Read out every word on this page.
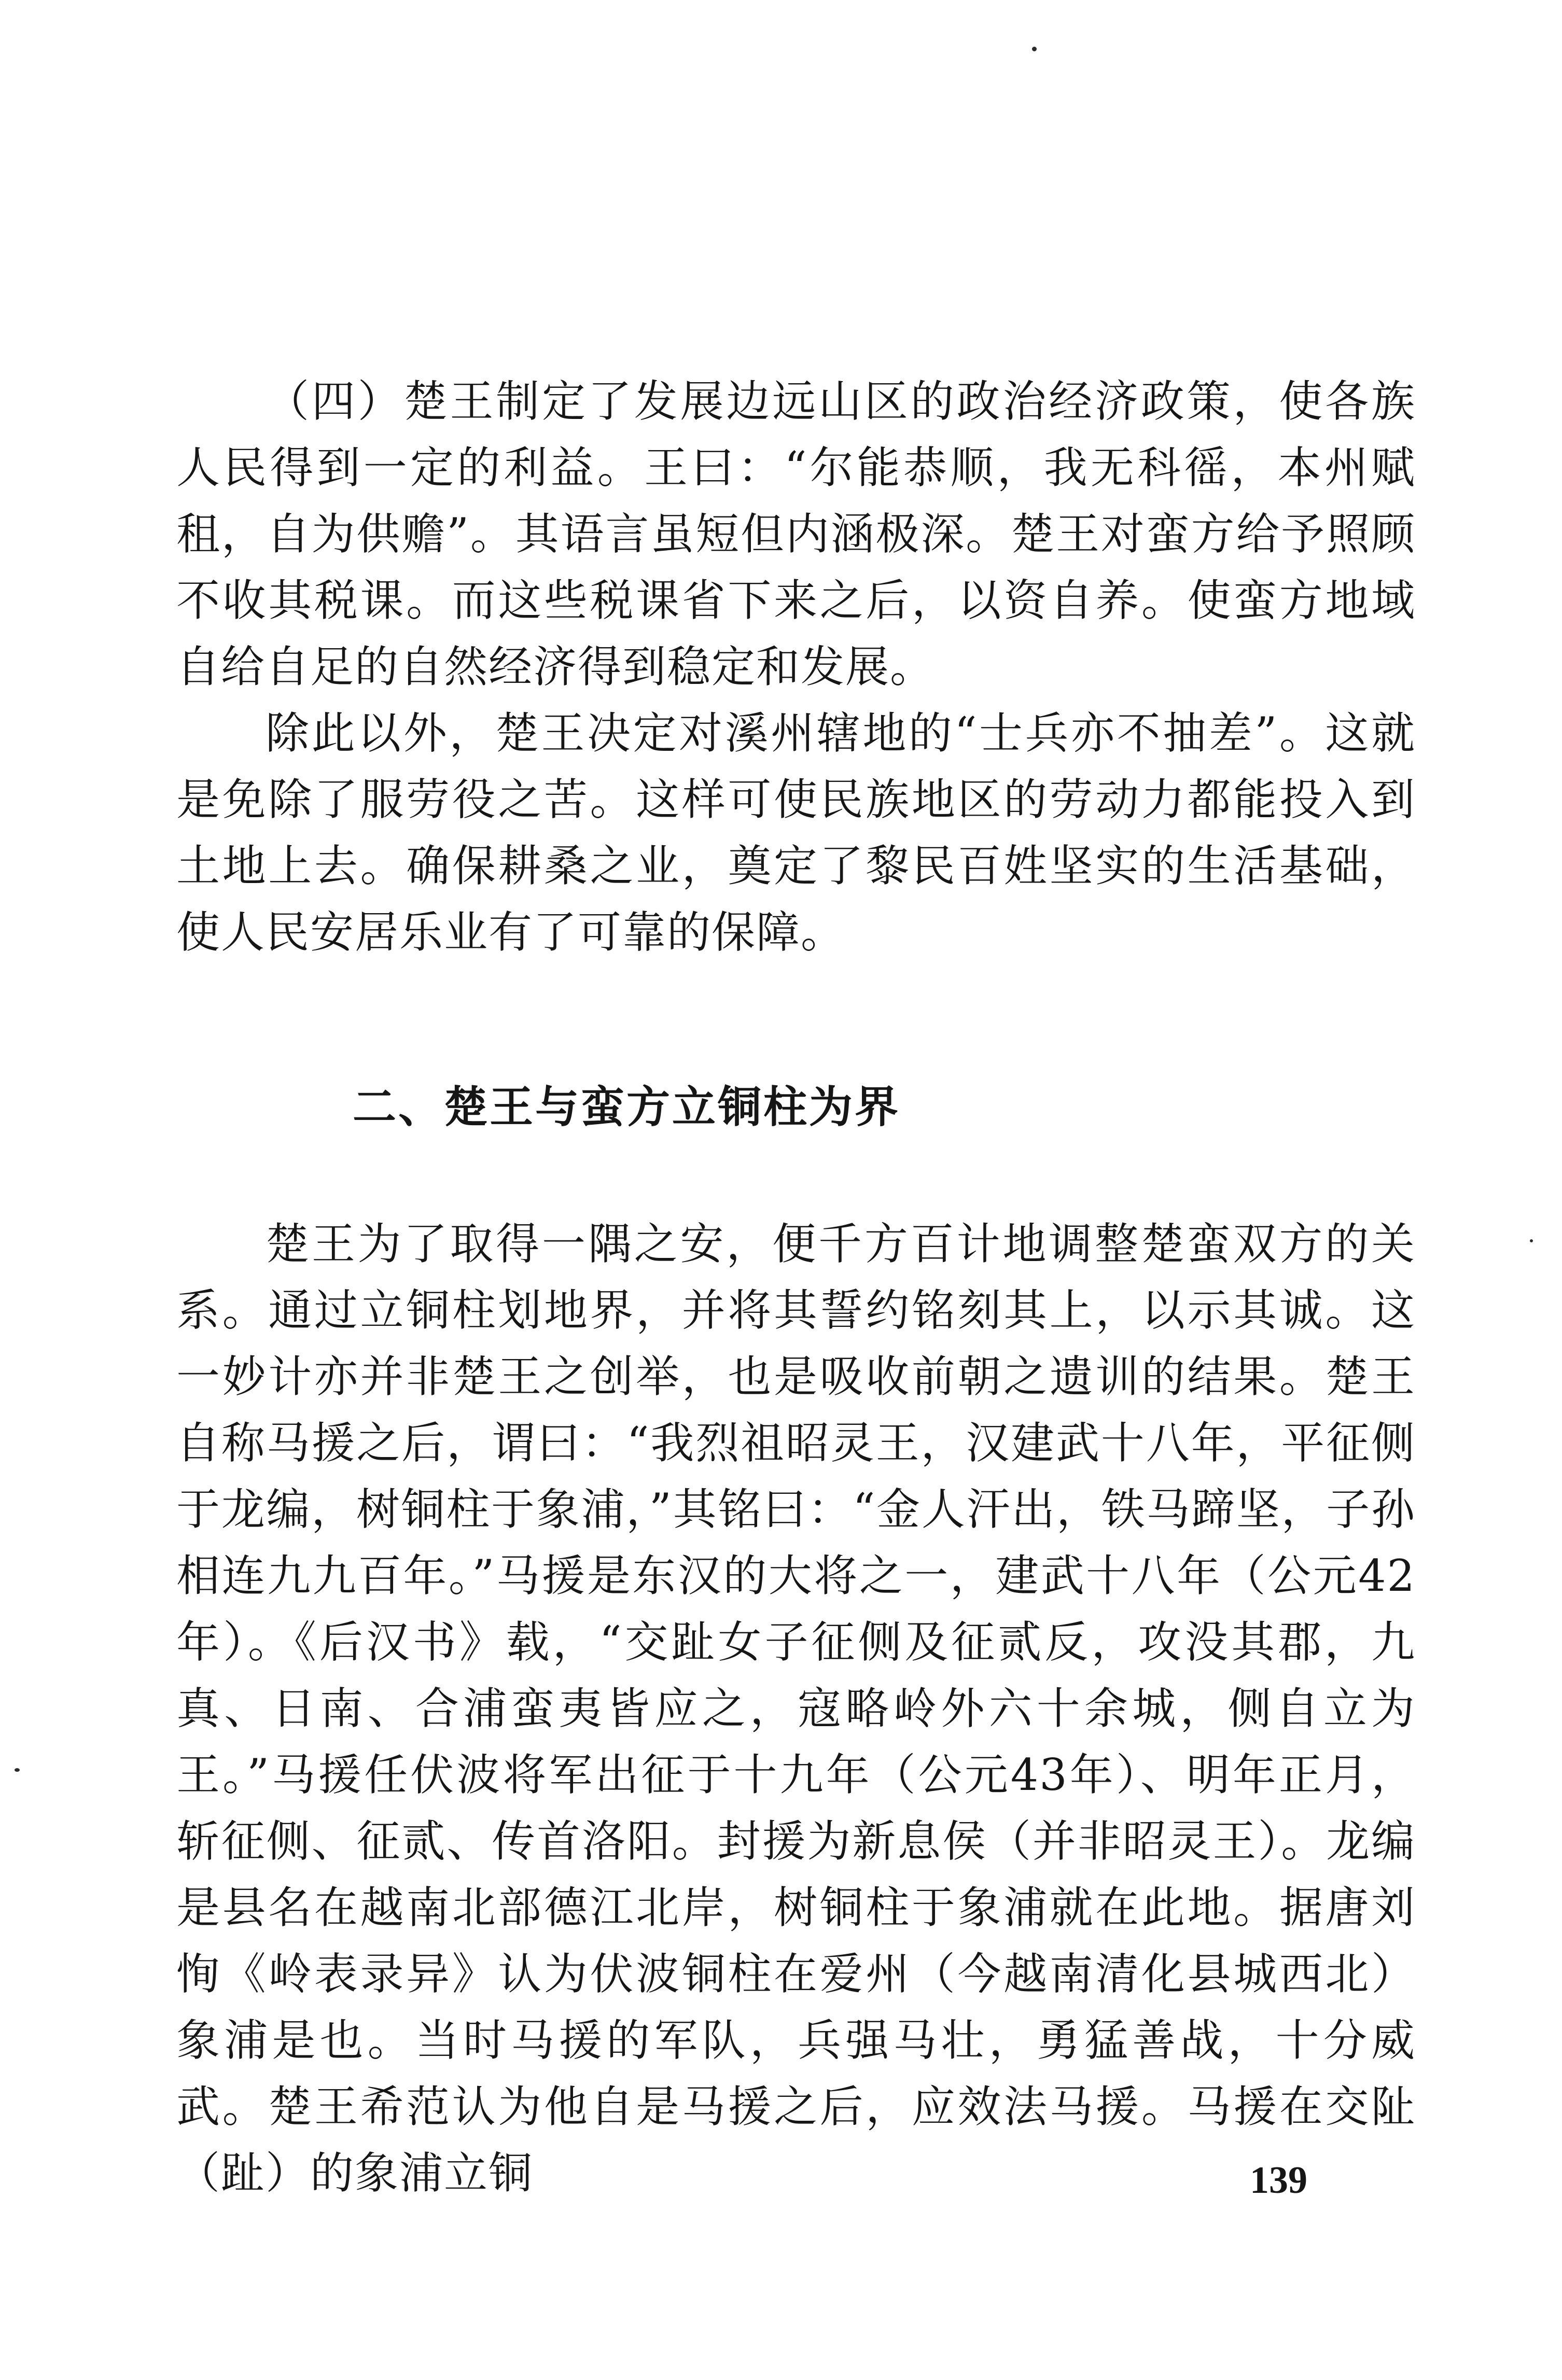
（四）楚王制定了发展边远山区的政治经济政策，使各族人民得到一定的利益。王曰：“尔能恭顺，我无科徭，本州赋租，自为供赡”。其语言虽短但内涵极深。楚王对蛮方给予照顾不收其税课。而这些税课省下来之后，以资自养。使蛮方地域自给自足的自然经济得到稳定和发展。

除此以外，楚王决定对溪州辖地的“士兵亦不抽差”。这就是免除了服劳役之苦。这样可使民族地区的劳动力都能投入到土地上去。确保耕桑之业，奠定了黎民百姓坚实的生活基础，使人民安居乐业有了可靠的保障。

二、楚王与蛮方立铜柱为界

楚王为了取得一隅之安，便千方百计地调整楚蛮双方的关系。通过立铜柱划地界，并将其誓约铭刻其上，以示其诚。这一妙计亦并非楚王之创举，也是吸收前朝之遗训的结果。楚王自称马援之后，谓曰：“我烈祖昭灵王，汉建武十八年，平征侧于龙编，树铜柱于象浦，”其铭曰：“金人汗出，铁马蹄坚，子孙相连九九百年。”马援是东汉的大将之一，建武十八年（公元42年）。《后汉书》载，“交趾女子征侧及征贰反，攻没其郡，九真、日南、合浦蛮夷皆应之，寇略岭外六十余城，侧自立为王。”马援任伏波将军出征于十九年（公元43年）、明年正月，斩征侧、征贰、传首洛阳。封援为新息侯（并非昭灵王）。龙编是县名在越南北部德江北岸，树铜柱于象浦就在此地。据唐刘恂《岭表录异》认为伏波铜柱在爱州（今越南清化县城西北）象浦是也。当时马援的军队，兵强马壮，勇猛善战，十分威武。楚王希范认为他自是马援之后，应效法马援。马援在交阯（趾）的象浦立铜	139
